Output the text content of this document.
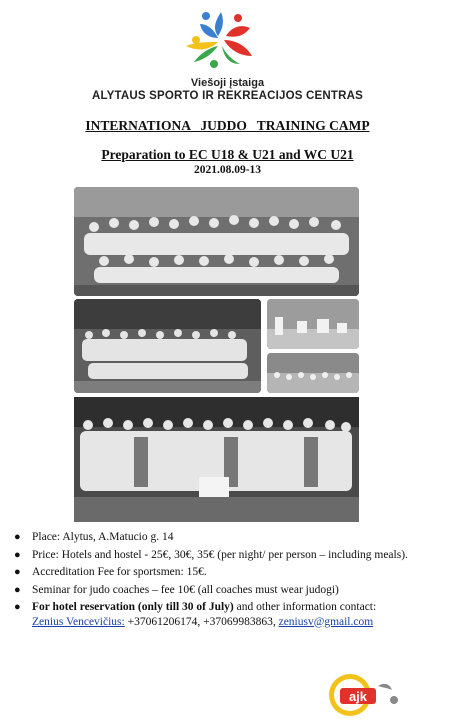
Viešoji įstaiga
ALYTAUS SPORTO IR REKREACIJOS CENTRAS
INTERNATIONA   JUDDO   TRAINING CAMP
Preparation to EC U18 & U21 and WC U21
2021.08.09-13
● Place: Alytus, A.Matucio g. 14
● Price: Hotels and hostel - 25€, 30€, 35€ (per night/ per person – including meals).
● Accreditation Fee for sportsmen: 15€.
● Seminar for judo coaches – fee 10€ (all coaches must wear judogi)
● For hotel reservation (only till 30 of July) and other information contact:
Zenius Vencevičius: +37061206174, +37069983863, zeniusv@gmail.com
ajk
